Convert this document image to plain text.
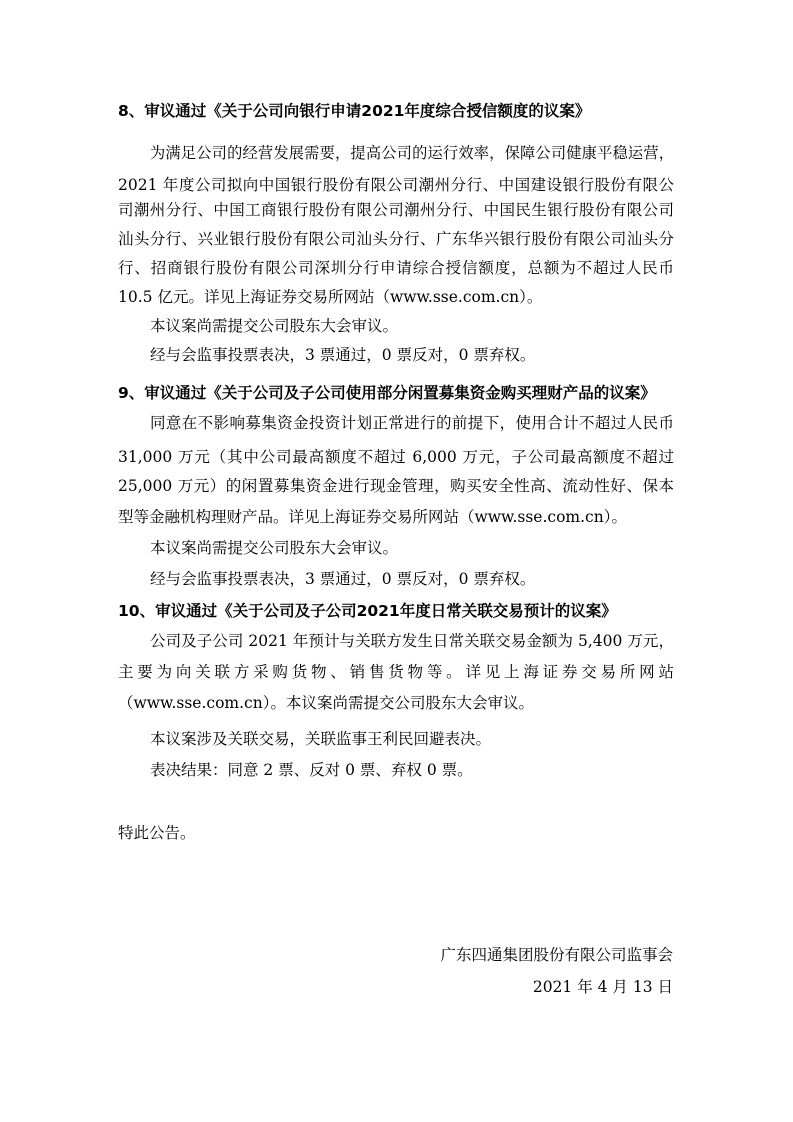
8、审议通过《关于公司向银行申请2021年度综合授信额度的议案》
为满足公司的经营发展需要，提高公司的运行效率，保障公司健康平稳运营，
2021 年度公司拟向中国银行股份有限公司潮州分行、中国建设银行股份有限公
司潮州分行、中国工商银行股份有限公司潮州分行、中国民生银行股份有限公司
汕头分行、兴业银行股份有限公司汕头分行、广东华兴银行股份有限公司汕头分
行、招商银行股份有限公司深圳分行申请综合授信额度，总额为不超过人民币
10.5 亿元。详见上海证券交易所网站（www.sse.com.cn）。
本议案尚需提交公司股东大会审议。
经与会监事投票表决，3 票通过，0 票反对，0 票弃权。
9、审议通过《关于公司及子公司使用部分闲置募集资金购买理财产品的议案》
同意在不影响募集资金投资计划正常进行的前提下，使用合计不超过人民币
31,000 万元（其中公司最高额度不超过 6,000 万元，子公司最高额度不超过
25,000 万元）的闲置募集资金进行现金管理，购买安全性高、流动性好、保本
型等金融机构理财产品。详见上海证券交易所网站（www.sse.com.cn）。
本议案尚需提交公司股东大会审议。
经与会监事投票表决，3 票通过，0 票反对，0 票弃权。
10、审议通过《关于公司及子公司2021年度日常关联交易预计的议案》
公司及子公司 2021 年预计与关联方发生日常关联交易金额为 5,400 万元，
主要为向关联方采购货物、销售货物等。详见上海证券交易所网站
（www.sse.com.cn）。本议案尚需提交公司股东大会审议。
本议案涉及关联交易，关联监事王利民回避表决。
表决结果：同意 2 票、反对 0 票、弃权 0 票。
特此公告。
广东四通集团股份有限公司监事会
2021 年 4 月 13 日
